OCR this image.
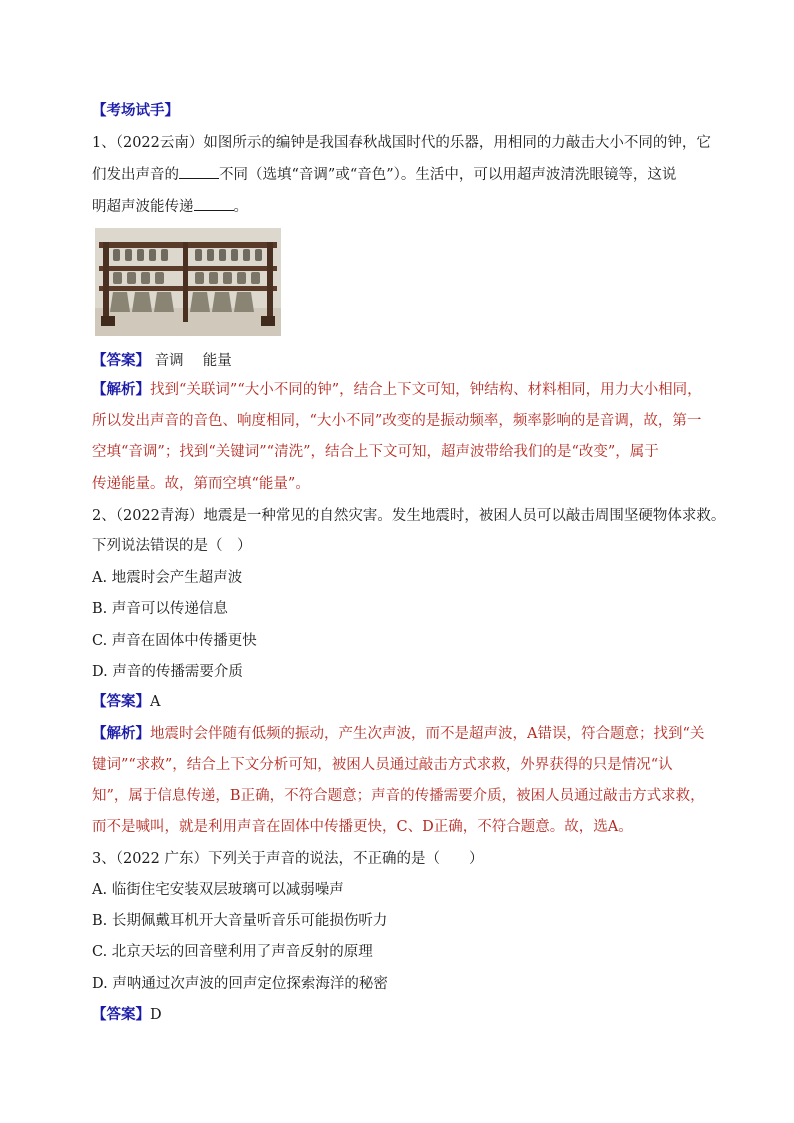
【考场试手】
1、（2022云南）如图所示的编钟是我国春秋战国时代的乐器，用相同的力敲击大小不同的钟，它
们发出声音的	不同（选填“音调”或“音色”）。生活中，可以用超声波清洗眼镜等，这说
明超声波能传递	。
【答案】 音调　 能量
【解析】找到“关联词”“大小不同的钟”，结合上下文可知，钟结构、材料相同，用力大小相同，
所以发出声音的音色、响度相同，“大小不同”改变的是振动频率，频率影响的是音调，故，第一
空填“音调”；找到“关键词”“清洗”，结合上下文可知，超声波带给我们的是“改变”，属于
传递能量。故，第而空填“能量”。
2、（2022青海）地震是一种常见的自然灾害。发生地震时，被困人员可以敲击周围坚硬物体求救。
下列说法错误的是（　）
A. 地震时会产生超声波
B. 声音可以传递信息
C. 声音在固体中传播更快
D. 声音的传播需要介质
【答案】A
【解析】地震时会伴随有低频的振动，产生次声波，而不是超声波，A错误，符合题意；找到“关
键词”“求救”，结合上下文分析可知，被困人员通过敲击方式求救，外界获得的只是情况“认
知”，属于信息传递，B正确，不符合题意；声音的传播需要介质，被困人员通过敲击方式求救，
而不是喊叫，就是利用声音在固体中传播更快，C、D正确，不符合题意。故，选A。
3、（2022 广东）下列关于声音的说法，不正确的是（　　）
A. 临街住宅安装双层玻璃可以减弱噪声
B. 长期佩戴耳机开大音量听音乐可能损伤听力
C. 北京天坛的回音壁利用了声音反射的原理
D. 声呐通过次声波的回声定位探索海洋的秘密
【答案】D
